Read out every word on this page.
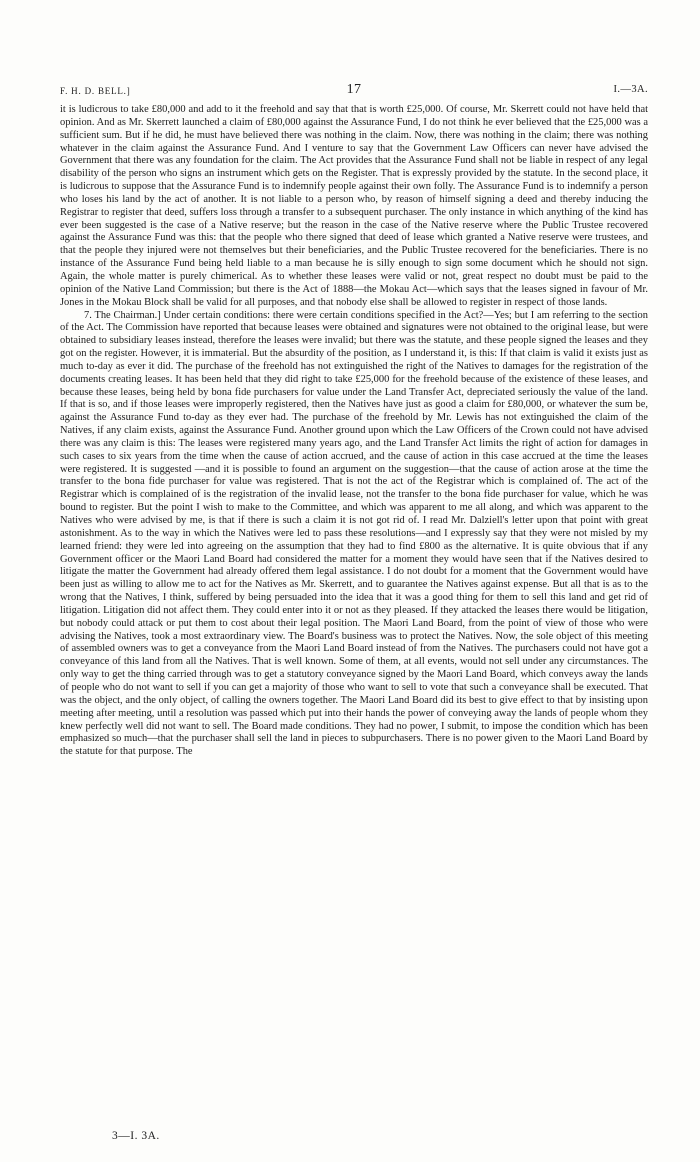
F. H. D. BELL.]	17	I.—3A.

it is ludicrous to take £80,000 and add to it the freehold and say that that is worth £25,000. Of course, Mr. Skerrett could not have held that opinion. And as Mr. Skerrett launched a claim of £80,000 against the Assurance Fund, I do not think he ever believed that the £25,000 was a sufficient sum. But if he did, he must have believed there was nothing in the claim. Now, there was nothing in the claim; there was nothing whatever in the claim against the Assurance Fund. And I venture to say that the Government Law Officers can never have advised the Government that there was any foundation for the claim. The Act provides that the Assurance Fund shall not be liable in respect of any legal disability of the person who signs an instrument which gets on the Register. That is expressly provided by the statute. In the second place, it is ludicrous to suppose that the Assurance Fund is to indemnify people against their own folly. The Assurance Fund is to indemnify a person who loses his land by the act of another. It is not liable to a person who, by reason of himself signing a deed and thereby inducing the Registrar to register that deed, suffers loss through a transfer to a subsequent purchaser. The only instance in which anything of the kind has ever been suggested is the case of a Native reserve; but the reason in the case of the Native reserve where the Public Trustee recovered against the Assurance Fund was this: that the people who there signed that deed of lease which granted a Native reserve were trustees, and that the people they injured were not themselves but their beneficiaries, and the Public Trustee recovered for the beneficiaries. There is no instance of the Assurance Fund being held liable to a man because he is silly enough to sign some document which he should not sign. Again, the whole matter is purely chimerical. As to whether these leases were valid or not, great respect no doubt must be paid to the opinion of the Native Land Commission; but there is the Act of 1888—the Mokau Act—which says that the leases signed in favour of Mr. Jones in the Mokau Block shall be valid for all purposes, and that nobody else shall be allowed to register in respect of those lands.

7. The Chairman.] Under certain conditions: there were certain conditions specified in the Act?—Yes; but I am referring to the section of the Act. The Commission have reported that because leases were obtained and signatures were not obtained to the original lease, but were obtained to subsidiary leases instead, therefore the leases were invalid; but there was the statute, and these people signed the leases and they got on the register. However, it is immaterial. But the absurdity of the position, as I understand it, is this: If that claim is valid it exists just as much to-day as ever it did. The purchase of the freehold has not extinguished the right of the Natives to damages for the registration of the documents creating leases. It has been held that they did right to take £25,000 for the freehold because of the existence of these leases, and because these leases, being held by bona fide purchasers for value under the Land Transfer Act, depreciated seriously the value of the land. If that is so, and if those leases were improperly registered, then the Natives have just as good a claim for £80,000, or whatever the sum be, against the Assurance Fund to-day as they ever had. The purchase of the freehold by Mr. Lewis has not extinguished the claim of the Natives, if any claim exists, against the Assurance Fund. Another ground upon which the Law Officers of the Crown could not have advised there was any claim is this: The leases were registered many years ago, and the Land Transfer Act limits the right of action for damages in such cases to six years from the time when the cause of action accrued, and the cause of action in this case accrued at the time the leases were registered. It is suggested —and it is possible to found an argument on the suggestion—that the cause of action arose at the time the transfer to the bona fide purchaser for value was registered. That is not the act of the Registrar which is complained of. The act of the Registrar which is complained of is the registration of the invalid lease, not the transfer to the bona fide purchaser for value, which he was bound to register. But the point I wish to make to the Committee, and which was apparent to me all along, and which was apparent to the Natives who were advised by me, is that if there is such a claim it is not got rid of. I read Mr. Dalziell's letter upon that point with great astonishment. As to the way in which the Natives were led to pass these resolutions—and I expressly say that they were not misled by my learned friend: they were led into agreeing on the assumption that they had to find £800 as the alternative. It is quite obvious that if any Government officer or the Maori Land Board had considered the matter for a moment they would have seen that if the Natives desired to litigate the matter the Government had already offered them legal assistance. I do not doubt for a moment that the Government would have been just as willing to allow me to act for the Natives as Mr. Skerrett, and to guarantee the Natives against expense. But all that is as to the wrong that the Natives, I think, suffered by being persuaded into the idea that it was a good thing for them to sell this land and get rid of litigation. Litigation did not affect them. They could enter into it or not as they pleased. If they attacked the leases there would be litigation, but nobody could attack or put them to cost about their legal position. The Maori Land Board, from the point of view of those who were advising the Natives, took a most extraordinary view. The Board's business was to protect the Natives. Now, the sole object of this meeting of assembled owners was to get a conveyance from the Maori Land Board instead of from the Natives. The purchasers could not have got a conveyance of this land from all the Natives. That is well known. Some of them, at all events, would not sell under any circumstances. The only way to get the thing carried through was to get a statutory conveyance signed by the Maori Land Board, which conveys away the lands of people who do not want to sell if you can get a majority of those who want to sell to vote that such a conveyance shall be executed. That was the object, and the only object, of calling the owners together. The Maori Land Board did its best to give effect to that by insisting upon meeting after meeting, until a resolution was passed which put into their hands the power of conveying away the lands of people whom they knew perfectly well did not want to sell. The Board made conditions. They had no power, I submit, to impose the condition which has been emphasized so much—that the purchaser shall sell the land in pieces to subpurchasers. There is no power given to the Maori Land Board by the statute for that purpose. The

3—I. 3A.
